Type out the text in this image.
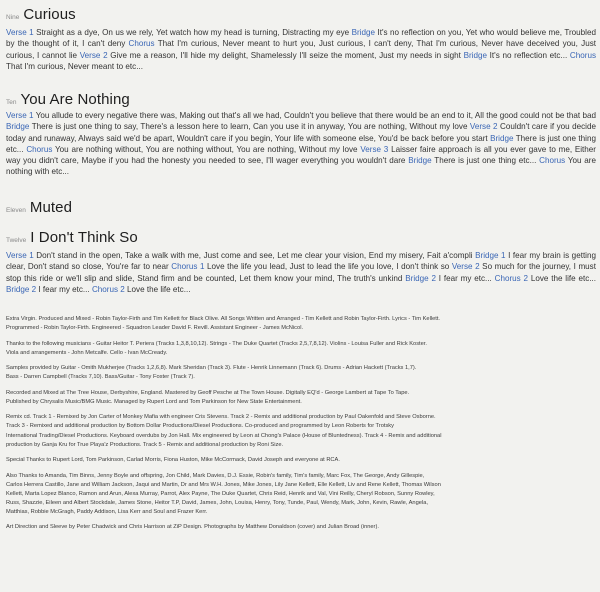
Nine Curious
Verse 1 Straight as a dye, On us we rely, Yet watch how my head is turning, Distracting my eye Bridge It's no reflection on you, Yet who would believe me, Troubled by the thought of it, I can't deny Chorus That I'm curious, Never meant to hurt you, Just curious, I can't deny, That I'm curious, Never have deceived you, Just curious, I cannot lie Verse 2 Give me a reason, I'll hide my delight, Shamelessly I'll seize the moment, Just my needs in sight Bridge It's no reflection etc... Chorus That I'm curious, Never meant to etc...
Ten You Are Nothing
Verse 1 You allude to every negative there was, Making out that's all we had, Couldn't you believe that there would be an end to it, All the good could not be that bad Bridge There is just one thing to say, There's a lesson here to learn, Can you use it in anyway, You are nothing, Without my love Verse 2 Couldn't care if you decide today and runaway, Always said we'd be apart, Wouldn't care if you begin, Your life with someone else, You'd be back before you start Bridge There is just one thing etc... Chorus You are nothing without, You are nothing without, You are nothing, Without my love Verse 3 Laisser faire approach is all you ever gave to me, Either way you didn't care, Maybe if you had the honesty you needed to see, I'll wager everything you wouldn't dare Bridge There is just one thing etc... Chorus You are nothing with etc...
Eleven Muted
Twelve I Don't Think So
Verse 1 Don't stand in the open, Take a walk with me, Just come and see, Let me clear your vision, End my misery, Fait a'compli Bridge 1 I fear my brain is getting clear, Don't stand so close, You're far to near Chorus 1 Love the life you lead, Just to lead the life you love, I don't think so Verse 2 So much for the journey, I must stop this ride or we'll slip and slide, Stand firm and be counted, Let them know your mind, The truth's unkind Bridge 2 I fear my etc... Chorus 2 Love the life etc... Bridge 2 I fear my etc... Chorus 2 Love the life etc...

Extra Virgin. Produced and Mixed - Robin Taylor-Firth and Tim Kellett for Black Olive. All Songs Written and Arranged - Tim Kellett and Robin Taylor-Firth. Lyrics - Tim Kellett.
Programmed - Robin Taylor-Firth. Engineered - Squadron Leader David F. Revill. Assistant Engineer - James McNicol.

Thanks to the following musicians - Guitar Heitor T. Periera (Tracks 1,3,8,10,12). Strings - The Duke Quartet (Tracks 2,5,7,8,12). Violins - Louisa Fuller and Rick Koster.
Viola and arrangements - John Metcalfe. Cello - Ivan McCready.

Samples provided by Guitar - Omith Mukherjee (Tracks 1,2,6,8). Mark Sheridan (Track 3). Flute - Henrik Linnemann (Track 6). Drums - Adrian Hackett (Tracks 1,7).
Bass - Darren Campbell (Tracks 7,10). Bass/Guitar - Tony Foster (Track 7).

Recorded and Mixed at The Tree House, Derbyshire, England. Mastered by Geoff Pesche at The Town House. Digitally EQ'd - George Lambert at Tape To Tape.
Published by Chrysalis Music/BMG Music. Managed by Rupert Lord and Tom Parkinson for New State Entertainment.

Remix cd. Track 1 - Remixed by Jon Carter of Monkey Mafia with engineer Cris Stevens. Track 2 - Remix and additional production by Paul Oakenfold and Steve Osborne.
Track 3 - Remixed and additional production by Bottom Dollar Productions/Diesel Productions. Co-produced and programmed by Leon Roberts for Trotsky
International Trading/Diesel Productions. Keyboard overdubs by Jon Hall. Mix engineered by Leon at Chong's Palace (House of Bluntedness). Track 4 - Remix and additional
production by Ganja Kru for True Playa'z Productions. Track 5 - Remix and additional production by Roni Size.

Special Thanks to Rupert Lord, Tom Parkinson, Carlad Morris, Fiona Huston, Mike McCormack, David Joseph and everyone at RCA.

Also Thanks to Amanda, Tim Binns, Jenny Boyle and offspring, Jon Child, Mark Davies, D.J. Essie, Robin's family, Tim's family, Marc Fox, The George, Andy Gillespie,
Carlos Herrera Castillo, Jane and William Jackson, Jaqui and Martin, Dr and Mrs W.H. Jones, Mike Jones, Lily Jane Kellett, Elle Kellett, Liv and Rene Kellett, Thomas Wilson
Kellett, Marta Lopez Blanco, Ramon and Arun, Alexa Murray, Parrot, Alex Payne, The Duke Quartet, Chris Reid, Henrik and Val, Vini Reilly, Cheryl Robson, Sunny Rowley,
Russ, Shazzie, Eileen and Albert Stockdale, James Stone, Heitor T.P, David, James, John, Louisa, Henry, Tony, Tunde, Paul, Wendy, Mark, John, Kevin, Rawle, Angela,
Matthias, Robbie McGragh, Paddy Addison, Lisa Kerr and Soul and Frazer Kerr.

Art Direction and Sleeve by Peter Chadwick and Chris Harrison at ZiP Design. Photographs by Matthew Donaldson (cover) and Julian Broad (inner).
